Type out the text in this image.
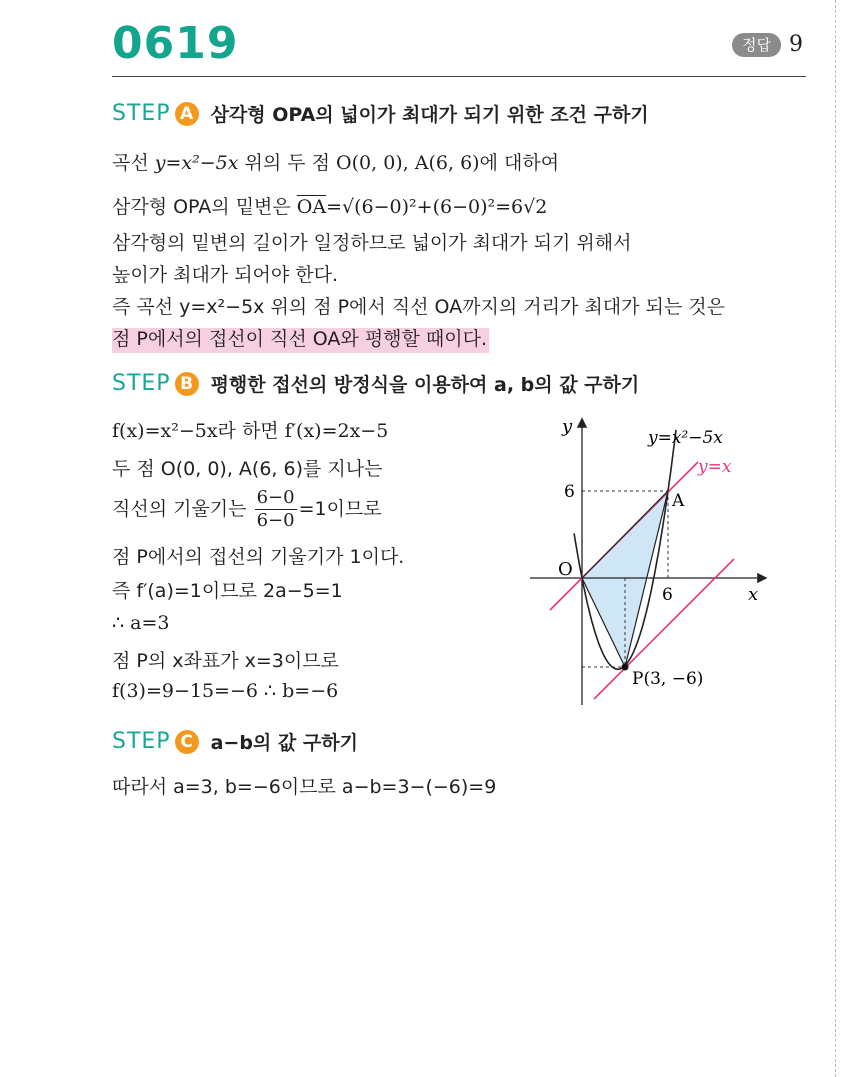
0619	정답 9
STEP A 삼각형 OPA의 넓이가 최대가 되기 위한 조건 구하기
곡선 y=x²−5x 위의 두 점 O(0, 0), A(6, 6)에 대하여
삼각형 OPA의 밑변은 $\overline{OA}=√(6-0)^2+(6-0)^2=6√2$
삼각형의 밑변의 길이가 일정하므로 넓이가 최대가 되기 위해서
높이가 최대가 되어야 한다.
즉 곡선 y=x²−5x 위의 점 P에서 직선 OA까지의 거리가 최대가 되는 것은
점 P에서의 접선이 직선 OA와 평행할 때이다.
STEP B 평행한 접선의 방정식을 이용하여 a, b의 값 구하기
f(x)=x²−5x라 하면 f′(x)=2x−5
두 점 O(0, 0), A(6, 6)를 지나는
직선의 기울기는 $\frac{6-0}{6-0} =1$이므로
점 P에서의 접선의 기울기가 1이다.
즉 f′(a)=1이므로 2a−5=1
∴ a=3
점 P의 x좌표가 x=3이므로
f(3)=9−15=−6 ∴ b=−6
y
x
O
6
6
A
P(3, −6)
y=x²−5x
y=x
STEP C a−b의 값 구하기
따라서 a=3, b=−6이므로 a−b=3−(−6)=9
